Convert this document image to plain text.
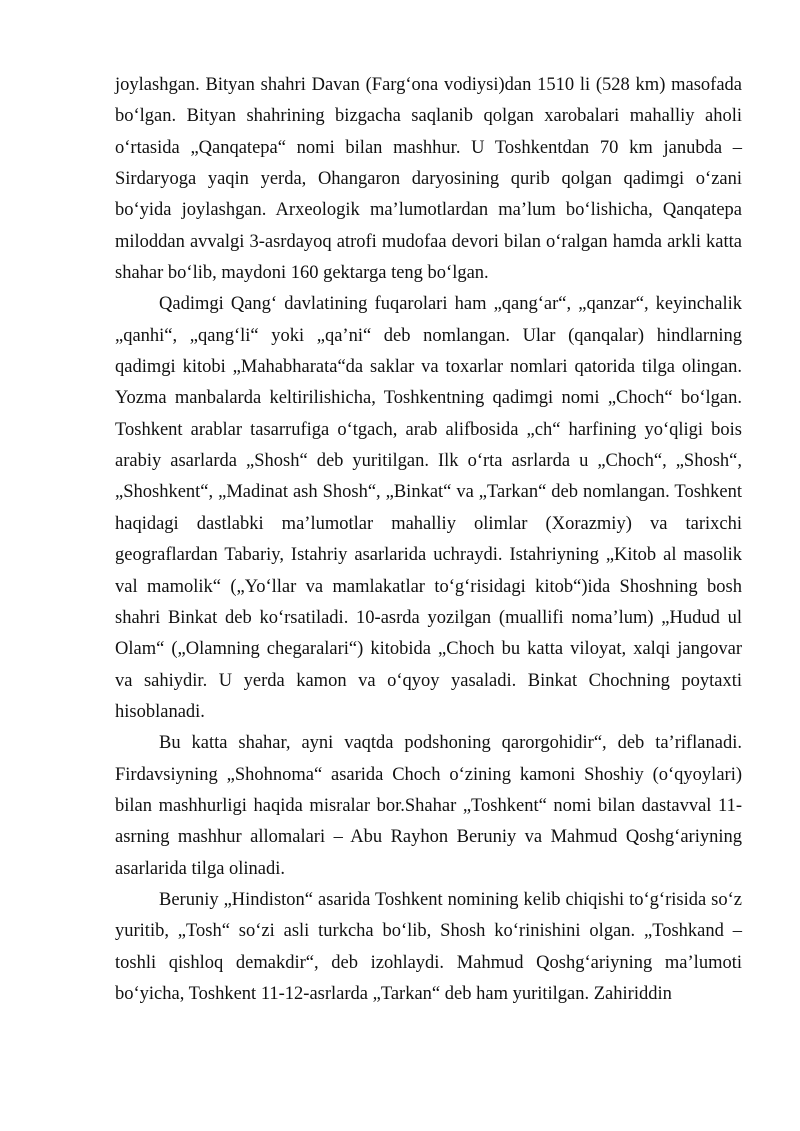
joylashgan. Bityan shahri Davan (Farg‘ona vodiysi)dan 1510 li (528 km) masofada bo‘lgan. Bityan shahrining bizgacha saqlanib qolgan xarobalari mahalliy aholi o‘rtasida „Qanqatepa“ nomi bilan mashhur. U Toshkentdan 70 km janubda – Sirdaryoga yaqin yerda, Ohangaron daryosining qurib qolgan qadimgi o‘zani bo‘yida joylashgan. Arxeologik ma’lumotlardan ma’lum bo‘lishicha, Qanqatepa miloddan avvalgi 3-asrdayoq atrofi mudofaa devori bilan o‘ralgan hamda arkli katta shahar bo‘lib, maydoni 160 gektarga teng bo‘lgan.

Qadimgi Qang‘ davlatining fuqarolari ham „qang‘ar“, „qanzar“, keyinchalik „qanhi“, „qang‘li“ yoki „qa’ni“ deb nomlangan. Ular (qanqalar) hindlarning qadimgi kitobi „Mahabharata“da saklar va toxarlar nomlari qatorida tilga olingan. Yozma manbalarda keltirilishicha, Toshkentning qadimgi nomi „Choch“ bo‘lgan. Toshkent arablar tasarrufiga o‘tgach, arab alifbosida „ch“ harfining yo‘qligi bois arabiy asarlarda „Shosh“ deb yuritilgan. Ilk o‘rta asrlarda u „Choch“, „Shosh“, „Shoshkent“, „Madinat ash Shosh“, „Binkat“ va „Tarkan“ deb nomlangan. Toshkent haqidagi dastlabki ma’lumotlar mahalliy olimlar (Xorazmiy) va tarixchi geograflardan Tabariy, Istahriy asarlarida uchraydi. Istahriyning „Kitob al masolik val mamolik“ („Yo‘llar va mamlakatlar to‘g‘risidagi kitob“)ida Shoshning bosh shahri Binkat deb ko‘rsatiladi. 10-asrda yozilgan (muallifi noma’lum) „Hudud ul Olam“ („Olamning chegaralari“) kitobida „Choch bu katta viloyat, xalqi jangovar va sahiydir. U yerda kamon va o‘qyoy yasaladi. Binkat Chochning poytaxti hisoblanadi.

Bu katta shahar, ayni vaqtda podshoning qarorgohidir“, deb ta’riflanadi. Firdavsiyning „Shohnoma“ asarida Choch o‘zining kamoni Shoshiy (o‘qyoylari) bilan mashhurligi haqida misralar bor.Shahar „Toshkent“ nomi bilan dastavval 11-asrning mashhur allomalari – Abu Rayhon Beruniy va Mahmud Qoshg‘ariyning asarlarida tilga olinadi.

Beruniy „Hindiston“ asarida Toshkent nomining kelib chiqishi to‘g‘risida so‘z yuritib, „Tosh“ so‘zi asli turkcha bo‘lib, Shosh ko‘rinishini olgan. „Toshkand – toshli qishloq demakdir“, deb izohlaydi. Mahmud Qoshg‘ariyning ma’lumoti bo‘yicha, Toshkent 11-12-asrlarda „Tarkan“ deb ham yuritilgan. Zahiriddin
